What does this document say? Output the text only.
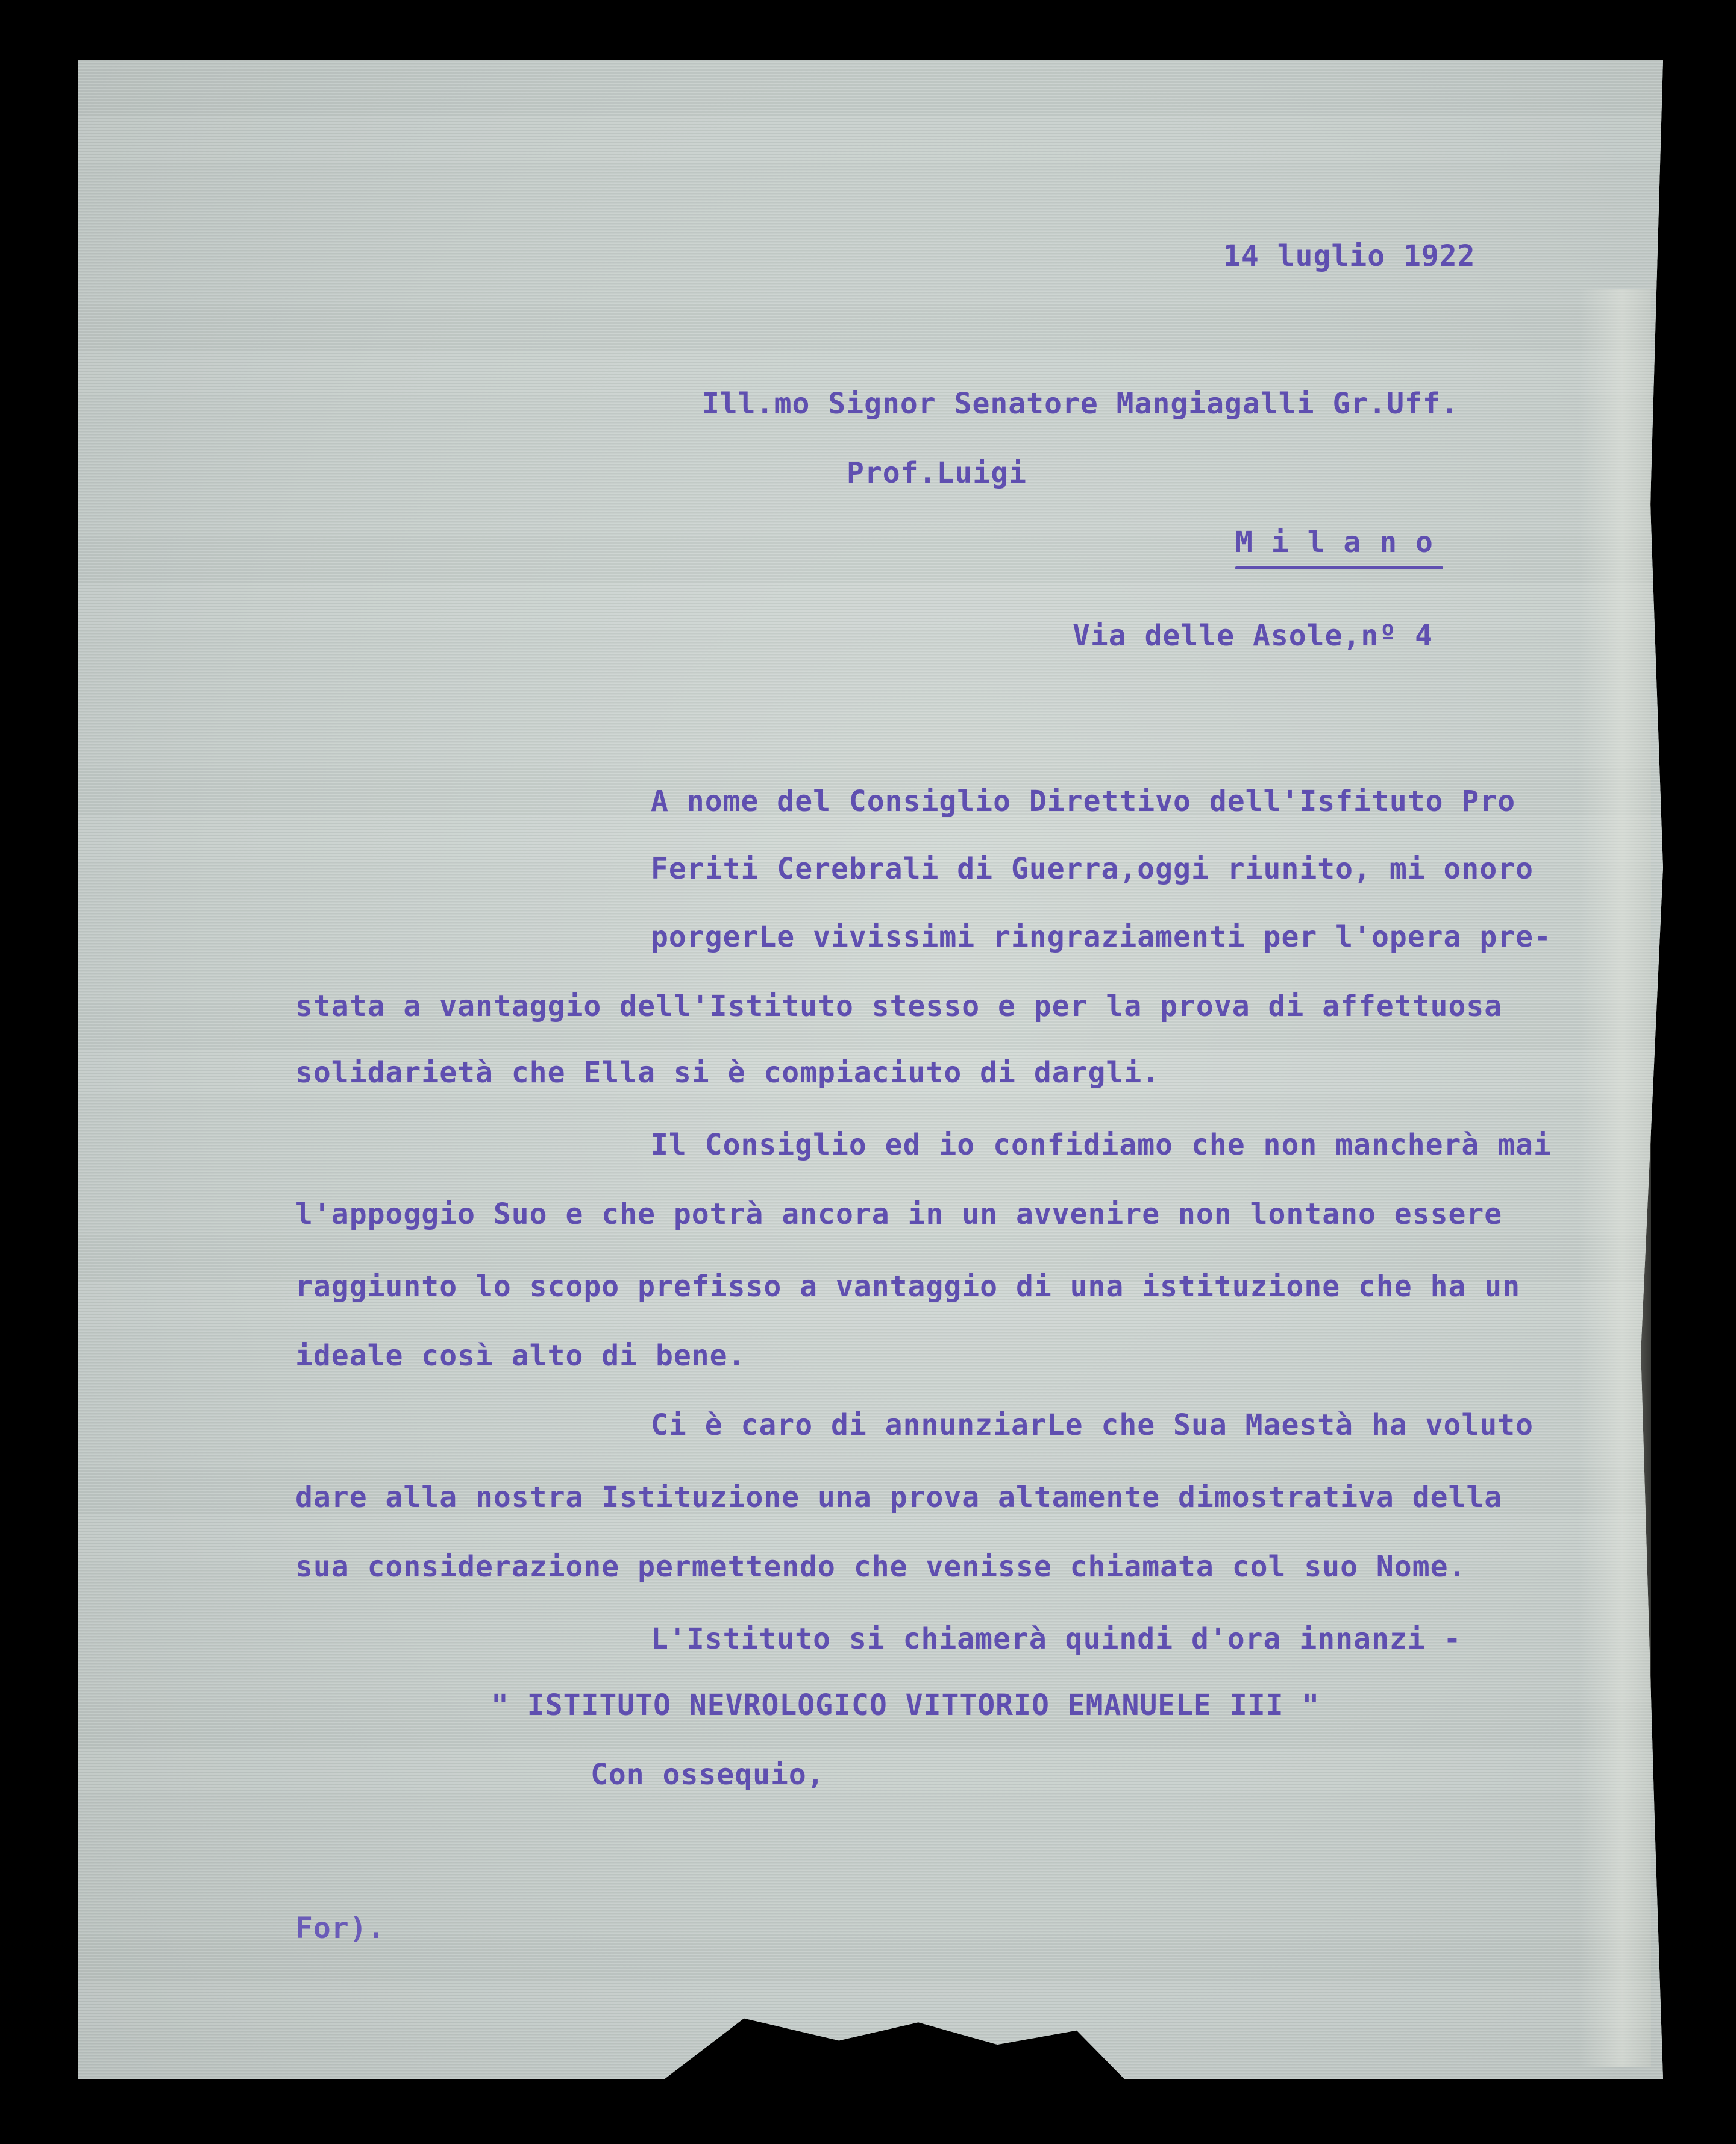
14 luglio 1922

Ill.mo Signor Senatore Mangiagalli Gr.Uff.

Prof.Luigi

M i l a n o

Via delle Asole,nº 4

A nome del Consiglio Direttivo dell'Isfituto Pro

Feriti Cerebrali di Guerra,oggi riunito, mi onoro

porgerLe vivissimi ringraziamenti per l'opera pre-

stata a vantaggio dell'Istituto stesso e per la prova di affettuosa

solidarietà che Ella si è compiaciuto di dargli.

Il Consiglio ed io confidiamo che non mancherà mai

l'appoggio Suo e che potrà ancora in un avvenire non lontano essere

raggiunto lo scopo prefisso a vantaggio di una istituzione che ha un

ideale così alto di bene.

Ci è caro di annunziarLe che Sua Maestà ha voluto

dare alla nostra Istituzione una prova altamente dimostrativa della

sua considerazione permettendo che venisse chiamata col suo Nome.

L'Istituto si chiamerà quindi d'ora innanzi -

" ISTITUTO NEVROLOGICO VITTORIO EMANUELE III "

Con ossequio,

For).
